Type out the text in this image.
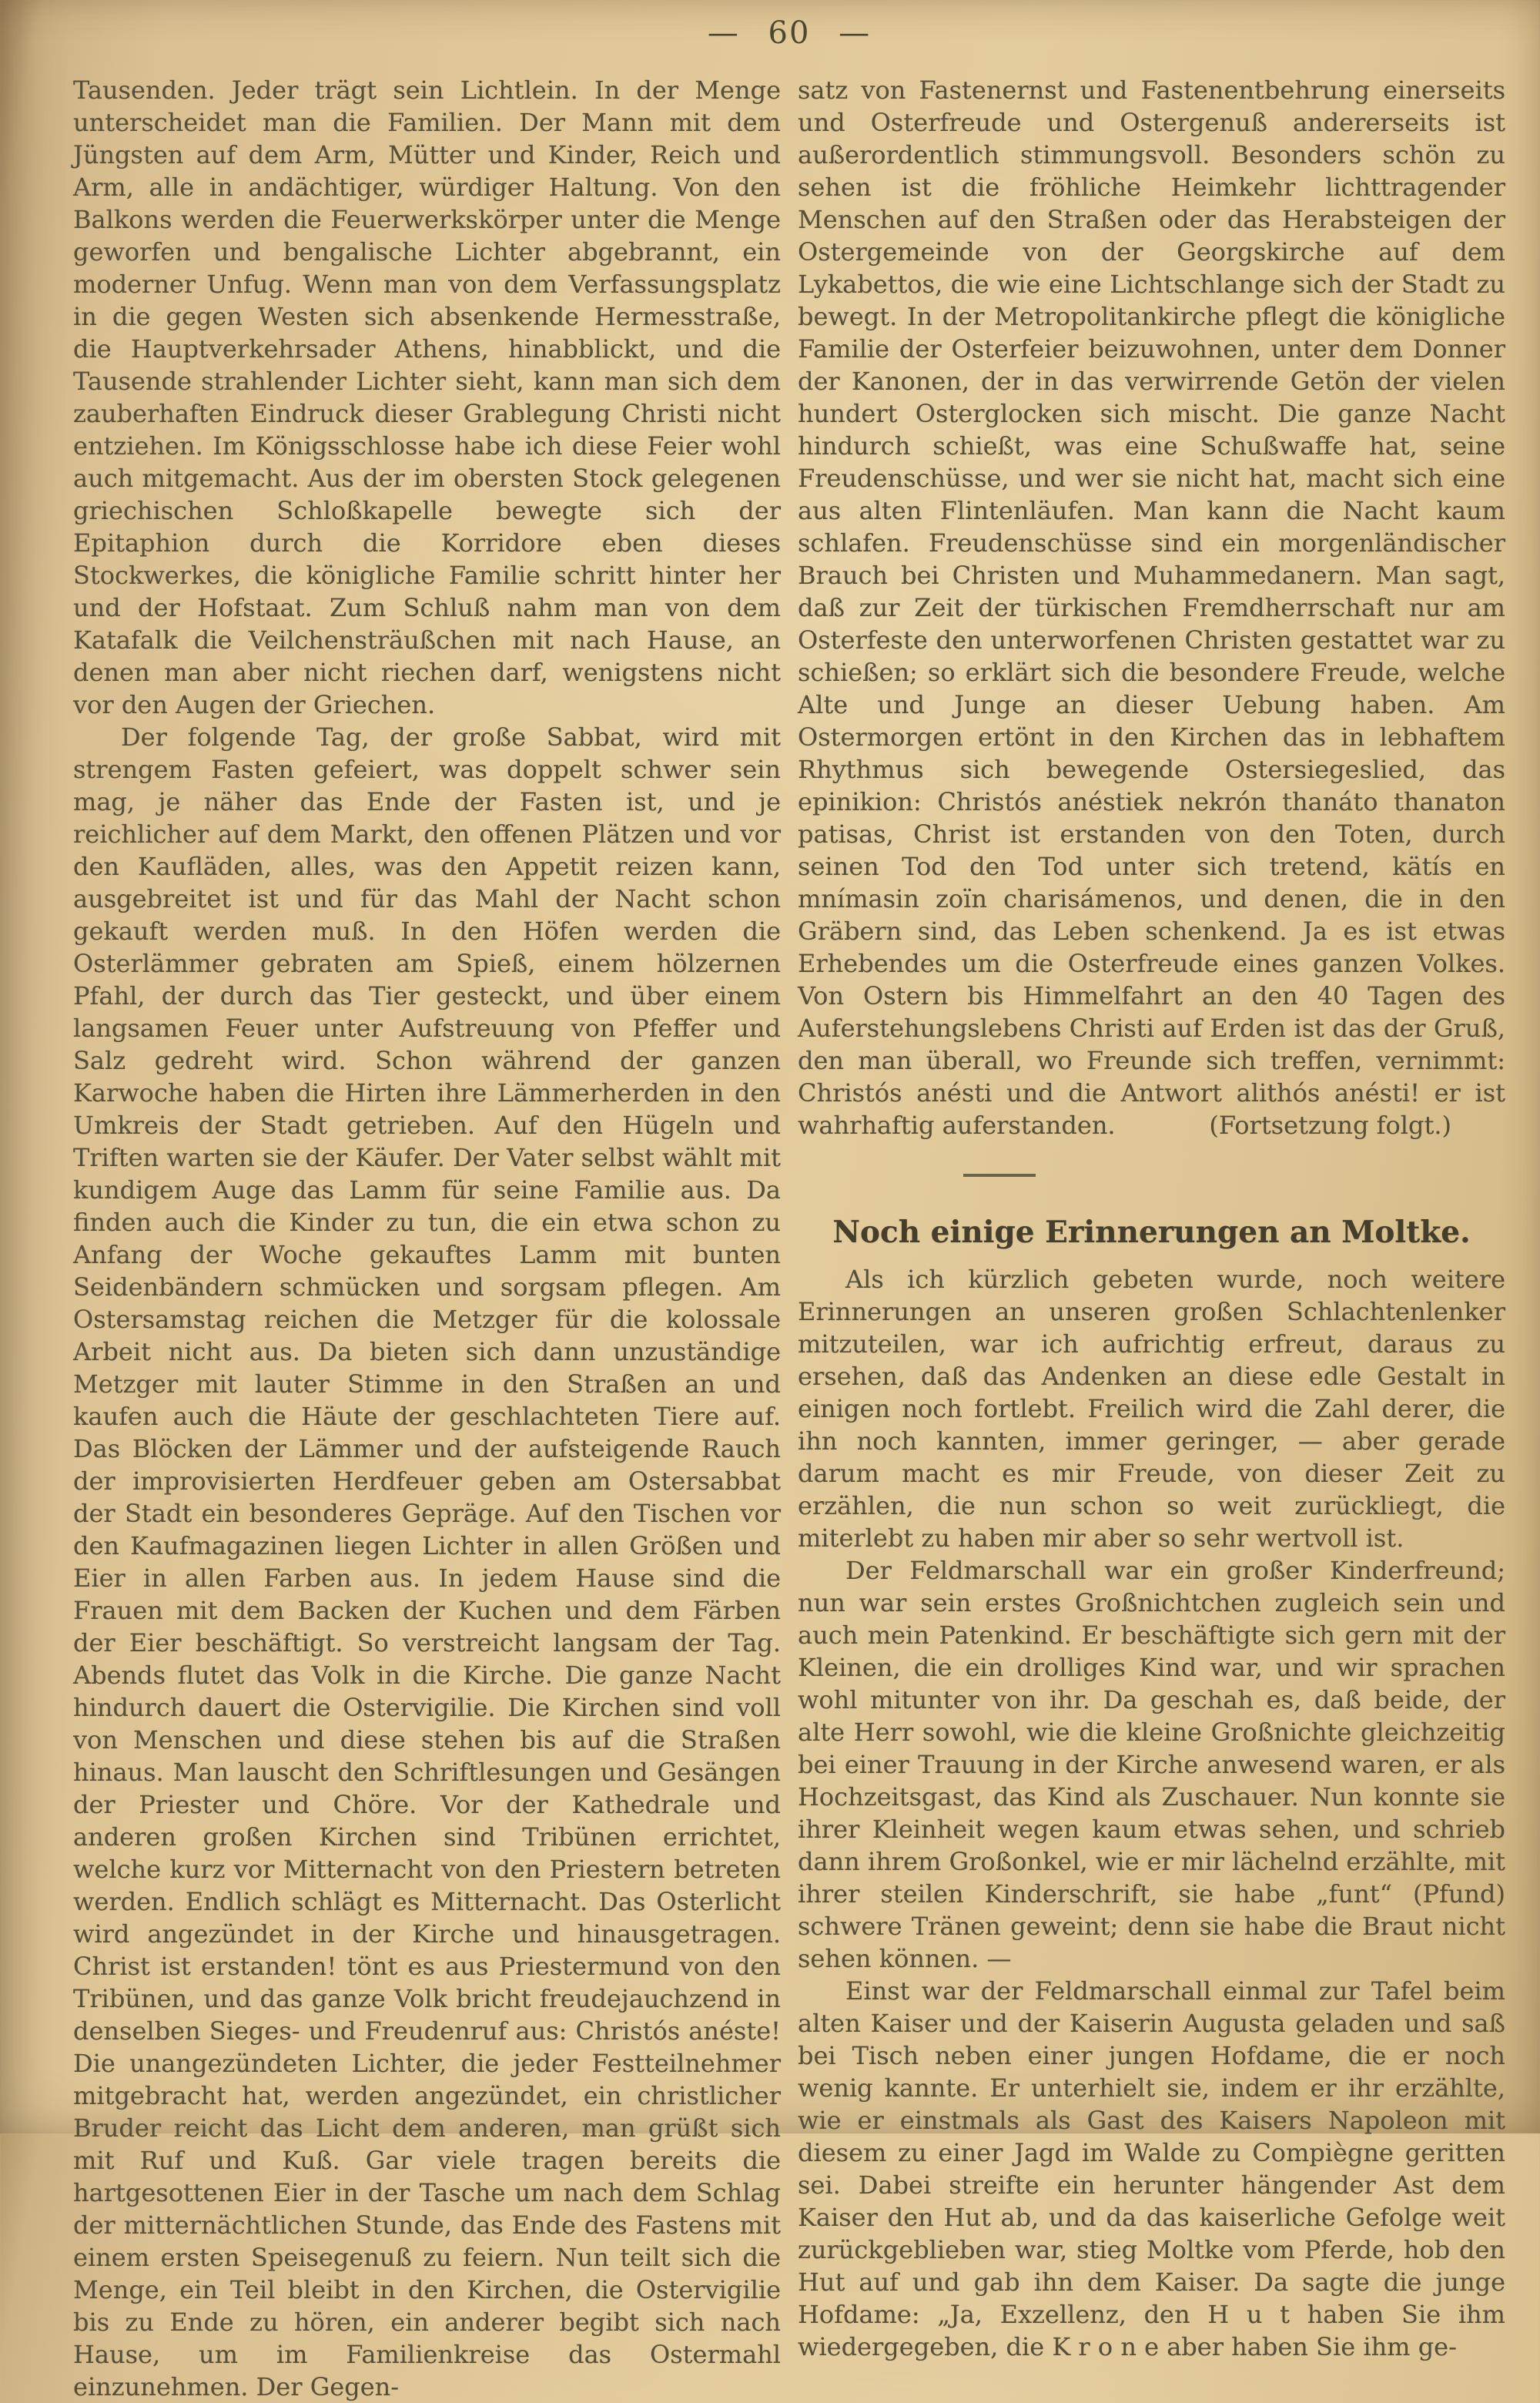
— 60 —

Tausenden. Jeder trägt sein Lichtlein. In der Menge unterscheidet man die Familien. Der Mann mit dem Jüngsten auf dem Arm, Mütter und Kinder, Reich und Arm, alle in andächtiger, würdiger Haltung. Von den Balkons werden die Feuerwerkskörper unter die Menge geworfen und bengalische Lichter abgebrannt, ein moderner Unfug. Wenn man von dem Verfassungsplatz in die gegen Westen sich absenkende Hermesstraße, die Hauptverkehrsader Athens, hinabblickt, und die Tausende strahlender Lichter sieht, kann man sich dem zauberhaften Eindruck dieser Grablegung Christi nicht entziehen. Im Königsschlosse habe ich diese Feier wohl auch mitgemacht. Aus der im obersten Stock gelegenen griechischen Schloßkapelle bewegte sich der Epitaphion durch die Korridore eben dieses Stockwerkes, die königliche Familie schritt hinter her und der Hofstaat. Zum Schluß nahm man von dem Katafalk die Veilchensträußchen mit nach Hause, an denen man aber nicht riechen darf, wenigstens nicht vor den Augen der Griechen.

Der folgende Tag, der große Sabbat, wird mit strengem Fasten gefeiert, was doppelt schwer sein mag, je näher das Ende der Fasten ist, und je reichlicher auf dem Markt, den offenen Plätzen und vor den Kaufläden, alles, was den Appetit reizen kann, ausgebreitet ist und für das Mahl der Nacht schon gekauft werden muß. In den Höfen werden die Osterlämmer gebraten am Spieß, einem hölzernen Pfahl, der durch das Tier gesteckt, und über einem langsamen Feuer unter Aufstreuung von Pfeffer und Salz gedreht wird. Schon während der ganzen Karwoche haben die Hirten ihre Lämmerherden in den Umkreis der Stadt getrieben. Auf den Hügeln und Triften warten sie der Käufer. Der Vater selbst wählt mit kundigem Auge das Lamm für seine Familie aus. Da finden auch die Kinder zu tun, die ein etwa schon zu Anfang der Woche gekauftes Lamm mit bunten Seidenbändern schmücken und sorgsam pflegen. Am Ostersamstag reichen die Metzger für die kolossale Arbeit nicht aus. Da bieten sich dann unzuständige Metzger mit lauter Stimme in den Straßen an und kaufen auch die Häute der geschlachteten Tiere auf. Das Blöcken der Lämmer und der aufsteigende Rauch der improvisierten Herdfeuer geben am Ostersabbat der Stadt ein besonderes Gepräge. Auf den Tischen vor den Kaufmagazinen liegen Lichter in allen Größen und Eier in allen Farben aus. In jedem Hause sind die Frauen mit dem Backen der Kuchen und dem Färben der Eier beschäftigt. So verstreicht langsam der Tag. Abends flutet das Volk in die Kirche. Die ganze Nacht hindurch dauert die Ostervigilie. Die Kirchen sind voll von Menschen und diese stehen bis auf die Straßen hinaus. Man lauscht den Schriftlesungen und Gesängen der Priester und Chöre. Vor der Kathedrale und anderen großen Kirchen sind Tribünen errichtet, welche kurz vor Mitternacht von den Priestern betreten werden. Endlich schlägt es Mitternacht. Das Osterlicht wird angezündet in der Kirche und hinausgetragen. Christ ist erstanden! tönt es aus Priestermund von den Tribünen, und das ganze Volk bricht freudejauchzend in denselben Sieges- und Freudenruf aus: Christós anéste! Die unangezündeten Lichter, die jeder Festteilnehmer mitgebracht hat, werden angezündet, ein christlicher Bruder reicht das Licht dem anderen, man grüßt sich mit Ruf und Kuß. Gar viele tragen bereits die hartgesottenen Eier in der Tasche um nach dem Schlag der mitternächtlichen Stunde, das Ende des Fastens mit einem ersten Speisegenuß zu feiern. Nun teilt sich die Menge, ein Teil bleibt in den Kirchen, die Ostervigilie bis zu Ende zu hören, ein anderer begibt sich nach Hause, um im Familienkreise das Ostermahl einzunehmen. Der Gegen-

satz von Fastenernst und Fastenentbehrung einerseits und Osterfreude und Ostergenuß andererseits ist außerordentlich stimmungsvoll. Besonders schön zu sehen ist die fröhliche Heimkehr lichttragender Menschen auf den Straßen oder das Herabsteigen der Ostergemeinde von der Georgskirche auf dem Lykabettos, die wie eine Lichtschlange sich der Stadt zu bewegt. In der Metropolitankirche pflegt die königliche Familie der Osterfeier beizuwohnen, unter dem Donner der Kanonen, der in das verwirrende Getön der vielen hundert Osterglocken sich mischt. Die ganze Nacht hindurch schießt, was eine Schußwaffe hat, seine Freudenschüsse, und wer sie nicht hat, macht sich eine aus alten Flintenläufen. Man kann die Nacht kaum schlafen. Freudenschüsse sind ein morgenländischer Brauch bei Christen und Muhammedanern. Man sagt, daß zur Zeit der türkischen Fremdherrschaft nur am Osterfeste den unterworfenen Christen gestattet war zu schießen; so erklärt sich die besondere Freude, welche Alte und Junge an dieser Uebung haben. Am Ostermorgen ertönt in den Kirchen das in lebhaftem Rhythmus sich bewegende Ostersiegeslied, das epinikion: Christós anéstiek nekrón thanáto thanaton patisas, Christ ist erstanden von den Toten, durch seinen Tod den Tod unter sich tretend, kätís en mnímasin zoïn charisámenos, und denen, die in den Gräbern sind, das Leben schenkend. Ja es ist etwas Erhebendes um die Osterfreude eines ganzen Volkes. Von Ostern bis Himmelfahrt an den 40 Tagen des Auferstehungslebens Christi auf Erden ist das der Gruß, den man überall, wo Freunde sich treffen, vernimmt: Christós anésti und die Antwort alithós anésti! er ist wahrhaftig auferstanden.	(Fortsetzung folgt.)

Noch einige Erinnerungen an Moltke.

Als ich kürzlich gebeten wurde, noch weitere Erinnerungen an unseren großen Schlachtenlenker mitzuteilen, war ich aufrichtig erfreut, daraus zu ersehen, daß das Andenken an diese edle Gestalt in einigen noch fortlebt. Freilich wird die Zahl derer, die ihn noch kannten, immer geringer, — aber gerade darum macht es mir Freude, von dieser Zeit zu erzählen, die nun schon so weit zurückliegt, die miterlebt zu haben mir aber so sehr wertvoll ist.

Der Feldmarschall war ein großer Kinderfreund; nun war sein erstes Großnichtchen zugleich sein und auch mein Patenkind. Er beschäftigte sich gern mit der Kleinen, die ein drolliges Kind war, und wir sprachen wohl mitunter von ihr. Da geschah es, daß beide, der alte Herr sowohl, wie die kleine Großnichte gleichzeitig bei einer Trauung in der Kirche anwesend waren, er als Hochzeitsgast, das Kind als Zuschauer. Nun konnte sie ihrer Kleinheit wegen kaum etwas sehen, und schrieb dann ihrem Großonkel, wie er mir lächelnd erzählte, mit ihrer steilen Kinderschrift, sie habe „funt“ (Pfund) schwere Tränen geweint; denn sie habe die Braut nicht sehen können. —

Einst war der Feldmarschall einmal zur Tafel beim alten Kaiser und der Kaiserin Augusta geladen und saß bei Tisch neben einer jungen Hofdame, die er noch wenig kannte. Er unterhielt sie, indem er ihr erzählte, wie er einstmals als Gast des Kaisers Napoleon mit diesem zu einer Jagd im Walde zu Compiègne geritten sei. Dabei streifte ein herunter hängender Ast dem Kaiser den Hut ab, und da das kaiserliche Gefolge weit zurückgeblieben war, stieg Moltke vom Pferde, hob den Hut auf und gab ihn dem Kaiser. Da sagte die junge Hofdame: „Ja, Exzellenz, den H u t haben Sie ihm wiedergegeben, die K r o n e aber haben Sie ihm ge-
